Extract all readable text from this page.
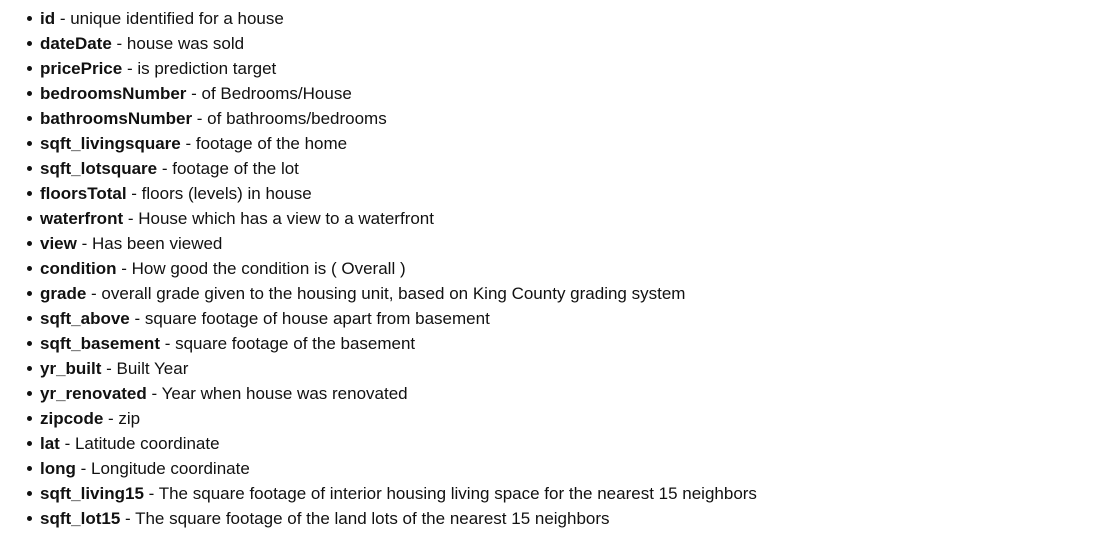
id - unique identified for a house
dateDate - house was sold
pricePrice - is prediction target
bedroomsNumber - of Bedrooms/House
bathroomsNumber - of bathrooms/bedrooms
sqft_livingsquare - footage of the home
sqft_lotsquare - footage of the lot
floorsTotal - floors (levels) in house
waterfront - House which has a view to a waterfront
view - Has been viewed
condition - How good the condition is ( Overall )
grade - overall grade given to the housing unit, based on King County grading system
sqft_above - square footage of house apart from basement
sqft_basement - square footage of the basement
yr_built - Built Year
yr_renovated - Year when house was renovated
zipcode - zip
lat - Latitude coordinate
long - Longitude coordinate
sqft_living15 - The square footage of interior housing living space for the nearest 15 neighbors
sqft_lot15 - The square footage of the land lots of the nearest 15 neighbors
